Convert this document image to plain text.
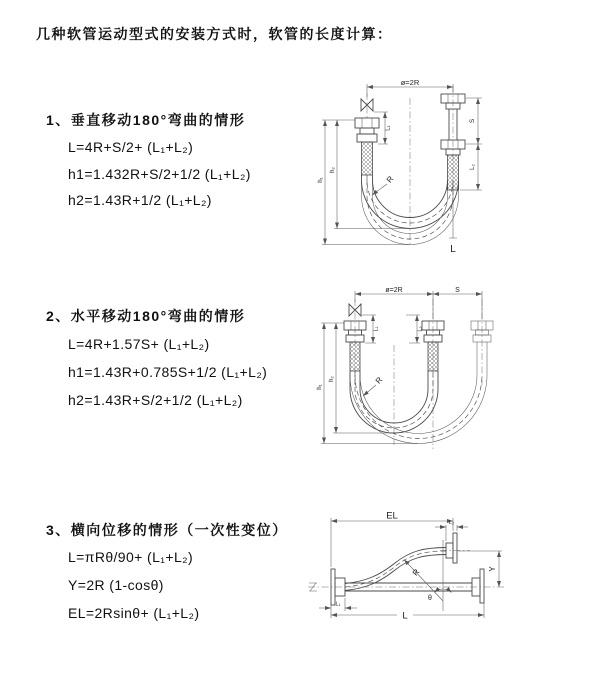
几种软管运动型式的安装方式时，软管的长度计算：
1、垂直移动180°弯曲的情形
L=4R+S/2+ (L₁+L₂)
h1=1.432R+S/2+1/2 (L₁+L₂)
h2=1.43R+1/2 (L₁+L₂)
2、水平移动180°弯曲的情形
L=4R+1.57S+ (L₁+L₂)
h1=1.43R+0.785S+1/2 (L₁+L₂)
h2=1.43R+S/2+1/2 (L₁+L₂)
3、横向位移的情形（一次性变位）
L=πRθ/90+ (L₁+L₂)
Y=2R (1-cosθ)
EL=2Rsinθ+ (L₁+L₂)
ø=2R
S
L₂
L₁
h₁
h₂
R
L
ø=2R	S
h₁
h₂
L₁	L₂
R
R
θ
EL
L₂
Y
L
L₁
